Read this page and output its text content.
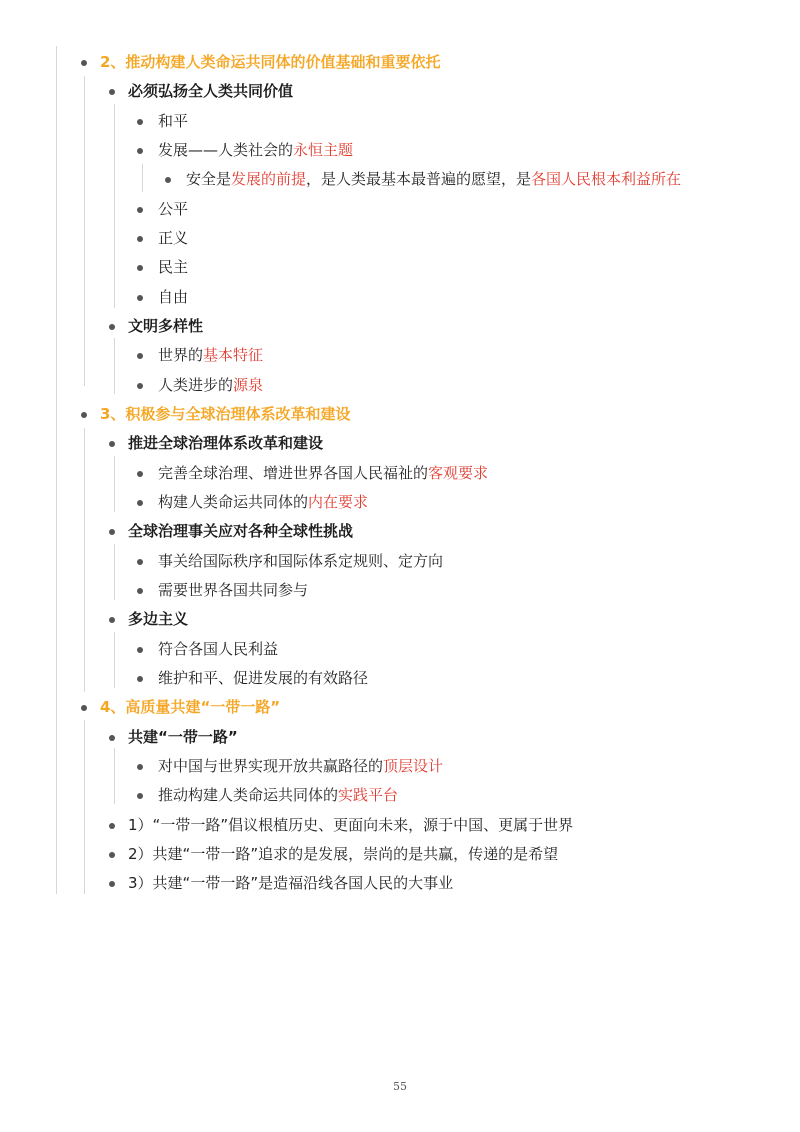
2、推动构建人类命运共同体的价值基础和重要依托
必须弘扬全人类共同价值
和平
发展——人类社会的永恒主题
安全是发展的前提，是人类最基本最普遍的愿望，是各国人民根本利益所在
公平
正义
民主
自由
文明多样性
世界的基本特征
人类进步的源泉
3、积极参与全球治理体系改革和建设
推进全球治理体系改革和建设
完善全球治理、增进世界各国人民福祉的客观要求
构建人类命运共同体的内在要求
全球治理事关应对各种全球性挑战
事关给国际秩序和国际体系定规则、定方向
需要世界各国共同参与
多边主义
符合各国人民利益
维护和平、促进发展的有效路径
4、高质量共建“一带一路”
共建“一带一路”
对中国与世界实现开放共赢路径的顶层设计
推动构建人类命运共同体的实践平台
1）“一带一路”倡议根植历史、更面向未来，源于中国、更属于世界
2）共建“一带一路”追求的是发展，崇尚的是共赢，传递的是希望
3）共建“一带一路”是造福沿线各国人民的大事业
55
